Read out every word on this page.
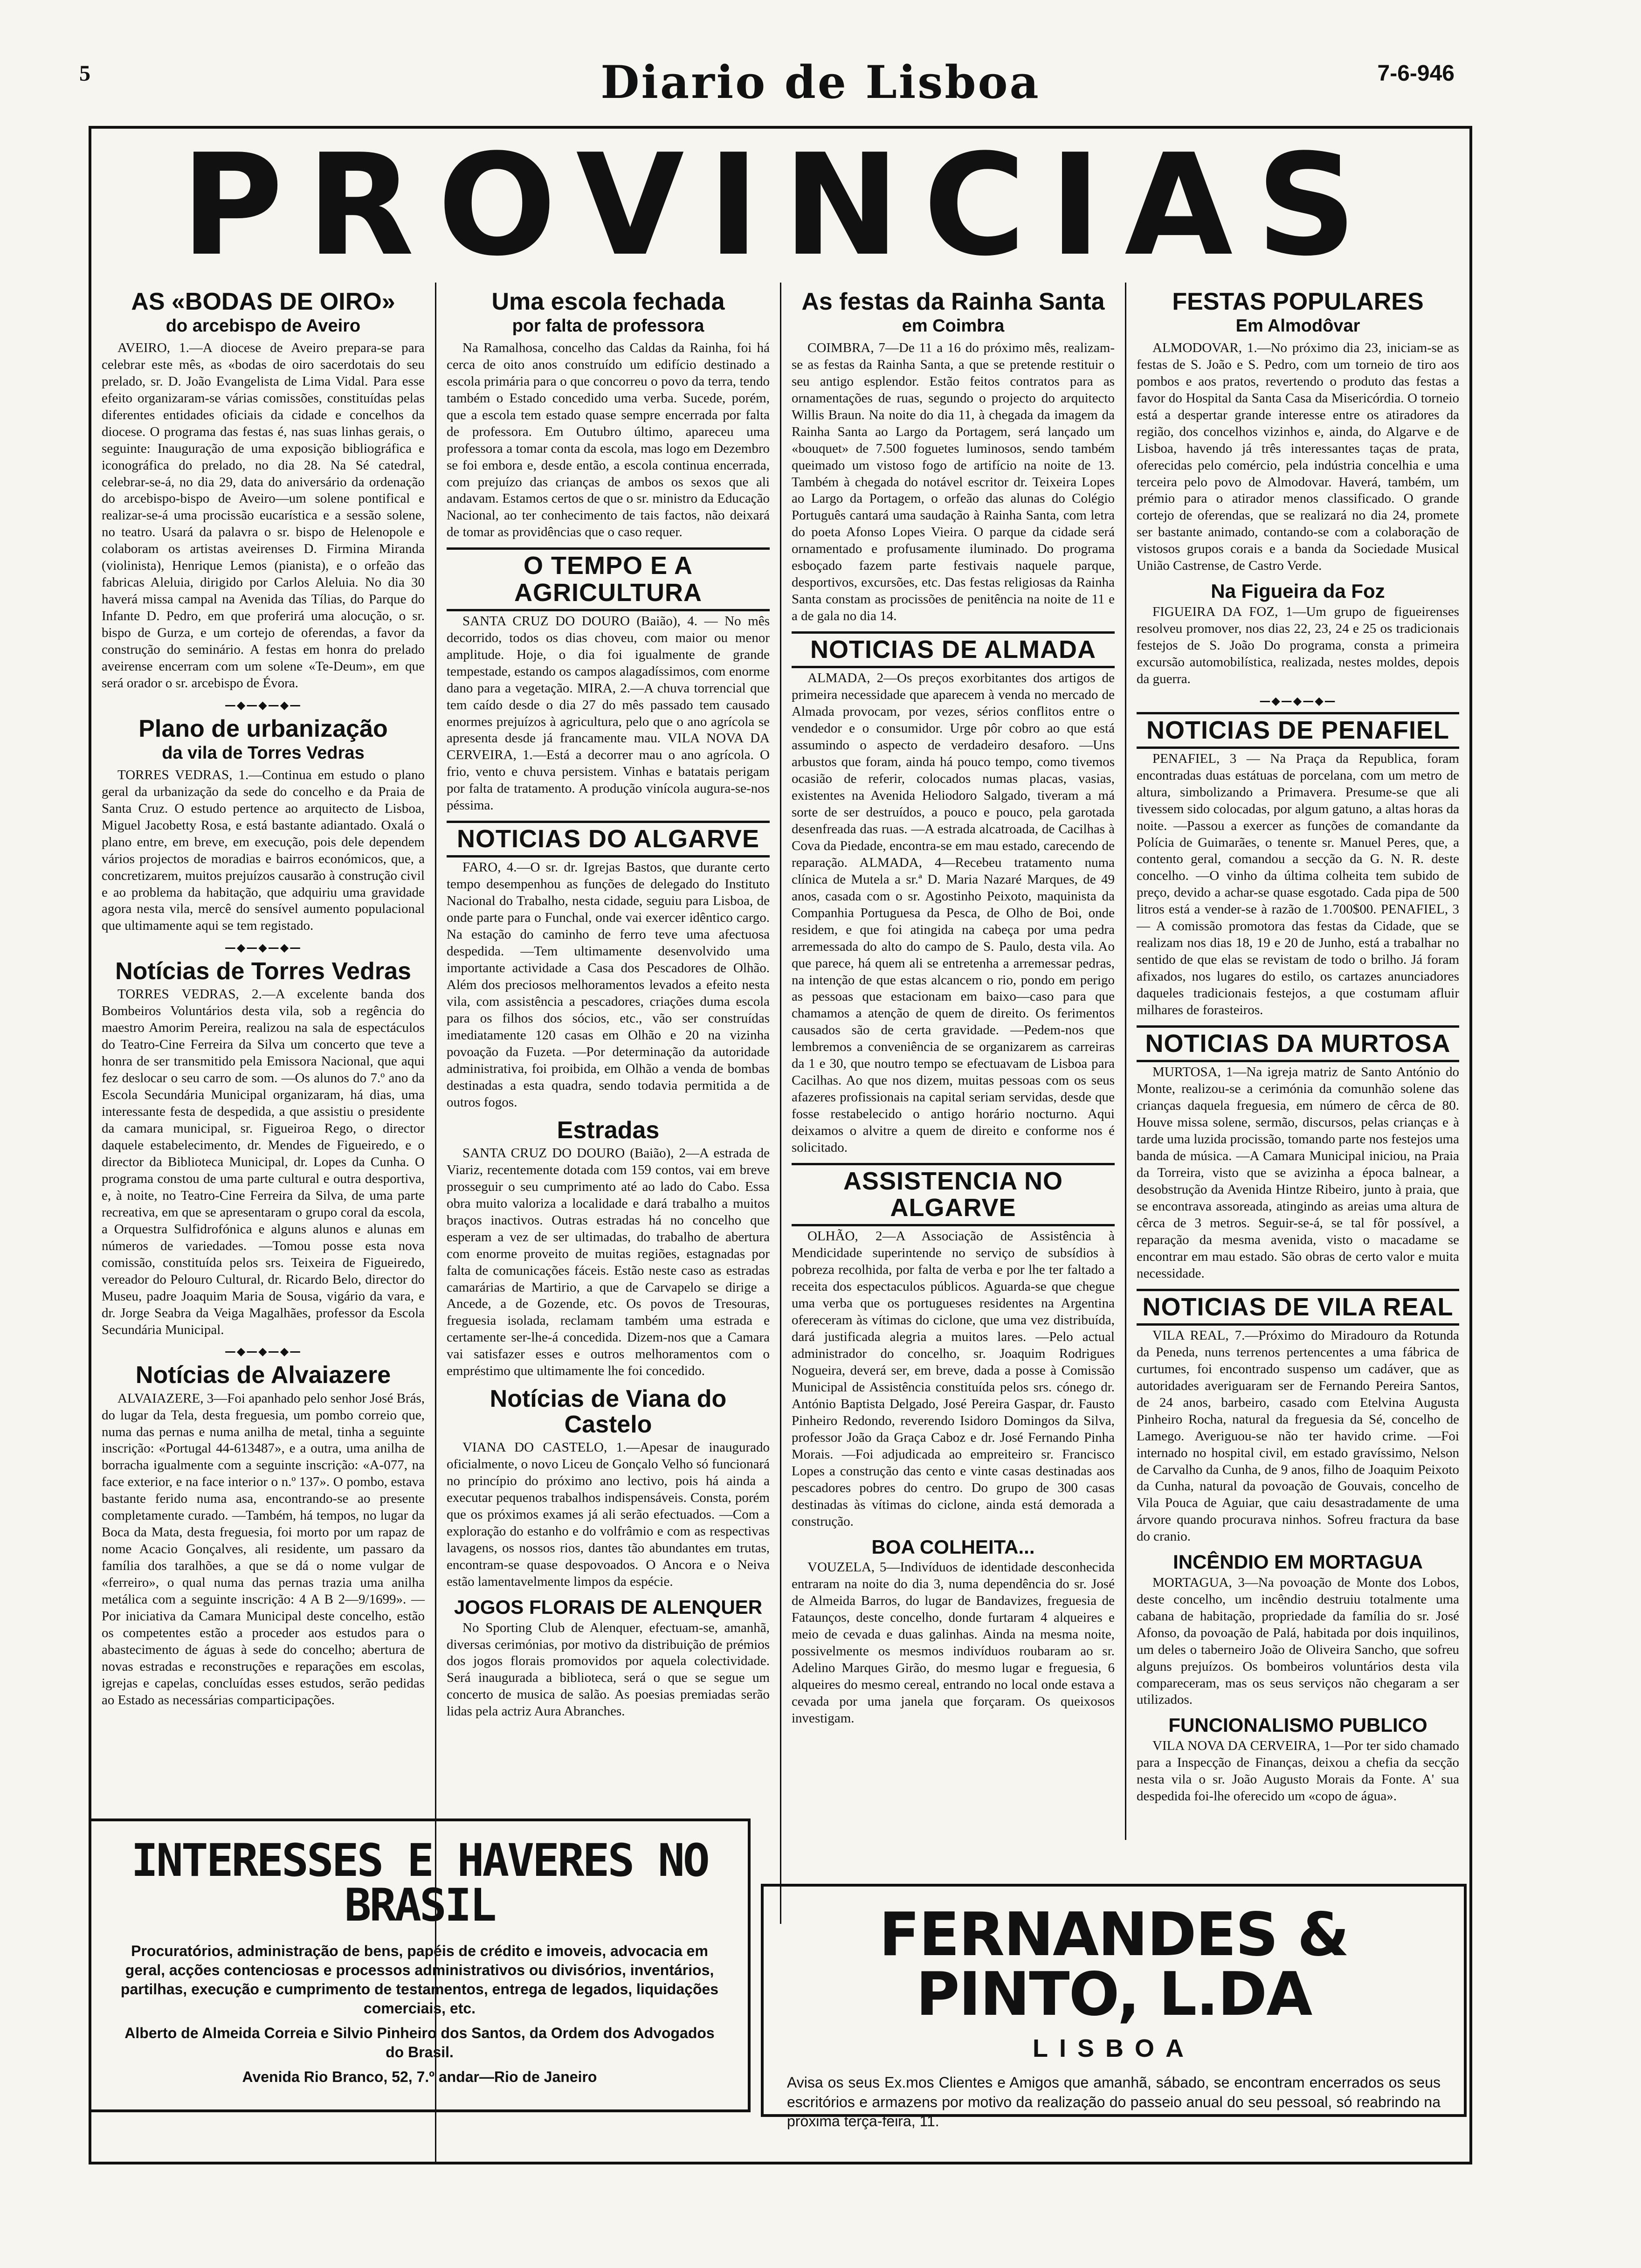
5	Diario de Lisboa	7-6-946
PROVINCIAS
AS «BODAS DE OIRO»
do arcebispo de Aveiro

AVEIRO, 1.—A diocese de Aveiro prepara-se para celebrar este mês, as «bodas de oiro sacerdotais do seu prelado, sr. D. João Evangelista de Lima Vidal. Para esse efeito organizaram-se várias comissões, constituídas pelas diferentes entidades oficiais da cidade e concelhos da diocese. O programa das festas é, nas suas linhas gerais, o seguinte: Inauguração de uma exposição bibliográfica e iconográfica do prelado, no dia 28. Na Sé catedral, celebrar-se-á, no dia 29, data do aniversário da ordenação do arcebispo-bispo de Aveiro—um solene pontifical e realizar-se-á uma procissão eucarística e a sessão solene, no teatro. Usará da palavra o sr. bispo de Helenopole e colaboram os artistas aveirenses D. Firmina Miranda (violinista), Henrique Lemos (pianista), e o orfeão das fabricas Aleluia, dirigido por Carlos Aleluia. No dia 30 haverá missa campal na Avenida das Tílias, do Parque do Infante D. Pedro, em que proferirá uma alocução, o sr. bispo de Gurza, e um cortejo de oferendas, a favor da construção do seminário. A festas em honra do prelado aveirense encerram com um solene «Te-Deum», em que será orador o sr. arcebispo de Évora.

—◆—◆—◆—
Plano de urbanização
da vila de Torres Vedras

TORRES VEDRAS, 1.—Continua em estudo o plano geral da urbanização da sede do concelho e da Praia de Santa Cruz. O estudo pertence ao arquitecto de Lisboa, Miguel Jacobetty Rosa, e está bastante adiantado. Oxalá o plano entre, em breve, em execução, pois dele dependem vários projectos de moradias e bairros económicos, que, a concretizarem, muitos prejuízos causarão à construção civil e ao problema da habitação, que adquiriu uma gravidade agora nesta vila, mercê do sensível aumento populacional que ultimamente aqui se tem registado.

—◆—◆—◆—
Notícias de Torres Vedras

TORRES VEDRAS, 2.—A excelente banda dos Bombeiros Voluntários desta vila, sob a regência do maestro Amorim Pereira, realizou na sala de espectáculos do Teatro-Cine Ferreira da Silva um concerto que teve a honra de ser transmitido pela Emissora Nacional, que aqui fez deslocar o seu carro de som. —Os alunos do 7.º ano da Escola Secundária Municipal organizaram, há dias, uma interessante festa de despedida, a que assistiu o presidente da camara municipal, sr. Figueiroa Rego, o director daquele estabelecimento, dr. Mendes de Figueiredo, e o director da Biblioteca Municipal, dr. Lopes da Cunha. O programa constou de uma parte cultural e outra desportiva, e, à noite, no Teatro-Cine Ferreira da Silva, de uma parte recreativa, em que se apresentaram o grupo coral da escola, a Orquestra Sulfidrofónica e alguns alunos e alunas em números de variedades. —Tomou posse esta nova comissão, constituída pelos srs. Teixeira de Figueiredo, vereador do Pelouro Cultural, dr. Ricardo Belo, director do Museu, padre Joaquim Maria de Sousa, vigário da vara, e dr. Jorge Seabra da Veiga Magalhães, professor da Escola Secundária Municipal.

—◆—◆—◆—
Notícias de Alvaiazere

ALVAIAZERE, 3—Foi apanhado pelo senhor José Brás, do lugar da Tela, desta freguesia, um pombo correio que, numa das pernas e numa anilha de metal, tinha a seguinte inscrição: «Portugal 44-613487», e a outra, uma anilha de borracha igualmente com a seguinte inscrição: «A-077, na face exterior, e na face interior o n.º 137». O pombo, estava bastante ferido numa asa, encontrando-se ao presente completamente curado. —Também, há tempos, no lugar da Boca da Mata, desta freguesia, foi morto por um rapaz de nome Acacio Gonçalves, ali residente, um passaro da família dos taralhões, a que se dá o nome vulgar de «ferreiro», o qual numa das pernas trazia uma anilha metálica com a seguinte inscrição: 4 A B 2—9/1699». —Por iniciativa da Camara Municipal deste concelho, estão os competentes estão a proceder aos estudos para o abastecimento de águas à sede do concelho; abertura de novas estradas e reconstruções e reparações em escolas, igrejas e capelas, concluídas esses estudos, serão pedidas ao Estado as necessárias comparticipações.

Uma escola fechada
por falta de professora

Na Ramalhosa, concelho das Caldas da Rainha, foi há cerca de oito anos construído um edifício destinado a escola primária para o que concorreu o povo da terra, tendo também o Estado concedido uma verba. Sucede, porém, que a escola tem estado quase sempre encerrada por falta de professora. Em Outubro último, apareceu uma professora a tomar conta da escola, mas logo em Dezembro se foi embora e, desde então, a escola continua encerrada, com prejuízo das crianças de ambos os sexos que ali andavam. Estamos certos de que o sr. ministro da Educação Nacional, ao ter conhecimento de tais factos, não deixará de tomar as providências que o caso requer.

O TEMPO E A AGRICULTURA

SANTA CRUZ DO DOURO (Baião), 4. — No mês decorrido, todos os dias choveu, com maior ou menor amplitude. Hoje, o dia foi igualmente de grande tempestade, estando os campos alagadíssimos, com enorme dano para a vegetação. MIRA, 2.—A chuva torrencial que tem caído desde o dia 27 do mês passado tem causado enormes prejuízos à agricultura, pelo que o ano agrícola se apresenta desde já francamente mau. VILA NOVA DA CERVEIRA, 1.—Está a decorrer mau o ano agrícola. O frio, vento e chuva persistem. Vinhas e batatais perigam por falta de tratamento. A produção vinícola augura-se-nos péssima.

NOTICIAS DO ALGARVE

FARO, 4.—O sr. dr. Igrejas Bastos, que durante certo tempo desempenhou as funções de delegado do Instituto Nacional do Trabalho, nesta cidade, seguiu para Lisboa, de onde parte para o Funchal, onde vai exercer idêntico cargo. Na estação do caminho de ferro teve uma afectuosa despedida. —Tem ultimamente desenvolvido uma importante actividade a Casa dos Pescadores de Olhão. Além dos preciosos melhoramentos levados a efeito nesta vila, com assistência a pescadores, criações duma escola para os filhos dos sócios, etc., vão ser construídas imediatamente 120 casas em Olhão e 20 na vizinha povoação da Fuzeta. —Por determinação da autoridade administrativa, foi proibida, em Olhão a venda de bombas destinadas a esta quadra, sendo todavia permitida a de outros fogos.

Estradas

SANTA CRUZ DO DOURO (Baião), 2—A estrada de Viariz, recentemente dotada com 159 contos, vai em breve prosseguir o seu cumprimento até ao lado do Cabo. Essa obra muito valoriza a localidade e dará trabalho a muitos braços inactivos. Outras estradas há no concelho que esperam a vez de ser ultimadas, do trabalho de abertura com enorme proveito de muitas regiões, estagnadas por falta de comunicações fáceis. Estão neste caso as estradas camarárias de Martirio, a que de Carvapelo se dirige a Ancede, a de Gozende, etc. Os povos de Tresouras, freguesia isolada, reclamam também uma estrada e certamente ser-lhe-á concedida. Dizem-nos que a Camara vai satisfazer esses e outros melhoramentos com o empréstimo que ultimamente lhe foi concedido.

Notícias de Viana do Castelo

VIANA DO CASTELO, 1.—Apesar de inaugurado oficialmente, o novo Liceu de Gonçalo Velho só funcionará no princípio do próximo ano lectivo, pois há ainda a executar pequenos trabalhos indispensáveis. Consta, porém que os próximos exames já ali serão efectuados. —Com a exploração do estanho e do volfrâmio e com as respectivas lavagens, os nossos rios, dantes tão abundantes em trutas, encontram-se quase despovoados. O Ancora e o Neiva estão lamentavelmente limpos da espécie.

JOGOS FLORAIS DE ALENQUER

No Sporting Club de Alenquer, efectuam-se, amanhã, diversas cerimónias, por motivo da distribuição de prémios dos jogos florais promovidos por aquela colectividade. Será inaugurada a biblioteca, será o que se segue um concerto de musica de salão. As poesias premiadas serão lidas pela actriz Aura Abranches.

As festas da Rainha Santa
em Coimbra

COIMBRA, 7—De 11 a 16 do próximo mês, realizam-se as festas da Rainha Santa, a que se pretende restituir o seu antigo esplendor. Estão feitos contratos para as ornamentações de ruas, segundo o projecto do arquitecto Willis Braun. Na noite do dia 11, à chegada da imagem da Rainha Santa ao Largo da Portagem, será lançado um «bouquet» de 7.500 foguetes luminosos, sendo também queimado um vistoso fogo de artifício na noite de 13. Também à chegada do notável escritor dr. Teixeira Lopes ao Largo da Portagem, o orfeão das alunas do Colégio Português cantará uma saudação à Rainha Santa, com letra do poeta Afonso Lopes Vieira. O parque da cidade será ornamentado e profusamente iluminado. Do programa esboçado fazem parte festivais naquele parque, desportivos, excursões, etc. Das festas religiosas da Rainha Santa constam as procissões de penitência na noite de 11 e a de gala no dia 14.

NOTICIAS DE ALMADA

ALMADA, 2—Os preços exorbitantes dos artigos de primeira necessidade que aparecem à venda no mercado de Almada provocam, por vezes, sérios conflitos entre o vendedor e o consumidor. Urge pôr cobro ao que está assumindo o aspecto de verdadeiro desaforo. —Uns arbustos que foram, ainda há pouco tempo, como tivemos ocasião de referir, colocados numas placas, vasias, existentes na Avenida Heliodoro Salgado, tiveram a má sorte de ser destruídos, a pouco e pouco, pela garotada desenfreada das ruas. —A estrada alcatroada, de Cacilhas à Cova da Piedade, encontra-se em mau estado, carecendo de reparação. ALMADA, 4—Recebeu tratamento numa clínica de Mutela a sr.ª D. Maria Nazaré Marques, de 49 anos, casada com o sr. Agostinho Peixoto, maquinista da Companhia Portuguesa da Pesca, de Olho de Boi, onde residem, e que foi atingida na cabeça por uma pedra arremessada do alto do campo de S. Paulo, desta vila. Ao que parece, há quem ali se entretenha a arremessar pedras, na intenção de que estas alcancem o rio, pondo em perigo as pessoas que estacionam em baixo—caso para que chamamos a atenção de quem de direito. Os ferimentos causados são de certa gravidade. —Pedem-nos que lembremos a conveniência de se organizarem as carreiras da 1 e 30, que noutro tempo se efectuavam de Lisboa para Cacilhas. Ao que nos dizem, muitas pessoas com os seus afazeres profissionais na capital seriam servidas, desde que fosse restabelecido o antigo horário nocturno. Aqui deixamos o alvitre a quem de direito e conforme nos é solicitado.

ASSISTENCIA NO ALGARVE

OLHÃO, 2—A Associação de Assistência à Mendicidade superintende no serviço de subsídios à pobreza recolhida, por falta de verba e por lhe ter faltado a receita dos espectaculos públicos. Aguarda-se que chegue uma verba que os portugueses residentes na Argentina ofereceram às vítimas do ciclone, que uma vez distribuída, dará justificada alegria a muitos lares. —Pelo actual administrador do concelho, sr. Joaquim Rodrigues Nogueira, deverá ser, em breve, dada a posse à Comissão Municipal de Assistência constituída pelos srs. cónego dr. António Baptista Delgado, José Pereira Gaspar, dr. Fausto Pinheiro Redondo, reverendo Isidoro Domingos da Silva, professor João da Graça Caboz e dr. José Fernando Pinha Morais. —Foi adjudicada ao empreiteiro sr. Francisco Lopes a construção das cento e vinte casas destinadas aos pescadores pobres do centro. Do grupo de 300 casas destinadas às vítimas do ciclone, ainda está demorada a construção.

BOA COLHEITA...

VOUZELA, 5—Indivíduos de identidade desconhecida entraram na noite do dia 3, numa dependência do sr. José de Almeida Barros, do lugar de Bandavizes, freguesia de Fataunços, deste concelho, donde furtaram 4 alqueires e meio de cevada e duas galinhas. Ainda na mesma noite, possivelmente os mesmos indivíduos roubaram ao sr. Adelino Marques Girão, do mesmo lugar e freguesia, 6 alqueires do mesmo cereal, entrando no local onde estava a cevada por uma janela que forçaram. Os queixosos investigam.

FESTAS POPULARES
Em Almodôvar

ALMODOVAR, 1.—No próximo dia 23, iniciam-se as festas de S. João e S. Pedro, com um torneio de tiro aos pombos e aos pratos, revertendo o produto das festas a favor do Hospital da Santa Casa da Misericórdia. O torneio está a despertar grande interesse entre os atiradores da região, dos concelhos vizinhos e, ainda, do Algarve e de Lisboa, havendo já três interessantes taças de prata, oferecidas pelo comércio, pela indústria concelhia e uma terceira pelo povo de Almodovar. Haverá, também, um prémio para o atirador menos classificado. O grande cortejo de oferendas, que se realizará no dia 24, promete ser bastante animado, contando-se com a colaboração de vistosos grupos corais e a banda da Sociedade Musical União Castrense, de Castro Verde.

Na Figueira da Foz

FIGUEIRA DA FOZ, 1—Um grupo de figueirenses resolveu promover, nos dias 22, 23, 24 e 25 os tradicionais festejos de S. João Do programa, consta a primeira excursão automobilística, realizada, nestes moldes, depois da guerra.

—◆—◆—◆—
NOTICIAS DE PENAFIEL

PENAFIEL, 3 — Na Praça da Republica, foram encontradas duas estátuas de porcelana, com um metro de altura, simbolizando a Primavera. Presume-se que ali tivessem sido colocadas, por algum gatuno, a altas horas da noite. —Passou a exercer as funções de comandante da Polícia de Guimarães, o tenente sr. Manuel Peres, que, a contento geral, comandou a secção da G. N. R. deste concelho. —O vinho da última colheita tem subido de preço, devido a achar-se quase esgotado. Cada pipa de 500 litros está a vender-se à razão de 1.700$00. PENAFIEL, 3 — A comissão promotora das festas da Cidade, que se realizam nos dias 18, 19 e 20 de Junho, está a trabalhar no sentido de que elas se revistam de todo o brilho. Já foram afixados, nos lugares do estilo, os cartazes anunciadores daqueles tradicionais festejos, a que costumam afluir milhares de forasteiros.

NOTICIAS DA MURTOSA

MURTOSA, 1—Na igreja matriz de Santo António do Monte, realizou-se a cerimónia da comunhão solene das crianças daquela freguesia, em número de cêrca de 80. Houve missa solene, sermão, discursos, pelas crianças e à tarde uma luzida procissão, tomando parte nos festejos uma banda de música. —A Camara Municipal iniciou, na Praia da Torreira, visto que se avizinha a época balnear, a desobstrução da Avenida Hintze Ribeiro, junto à praia, que se encontrava assoreada, atingindo as areias uma altura de cêrca de 3 metros. Seguir-se-á, se tal fôr possível, a reparação da mesma avenida, visto o macadame se encontrar em mau estado. São obras de certo valor e muita necessidade.

NOTICIAS DE VILA REAL

VILA REAL, 7.—Próximo do Miradouro da Rotunda da Peneda, nuns terrenos pertencentes a uma fábrica de curtumes, foi encontrado suspenso um cadáver, que as autoridades averiguaram ser de Fernando Pereira Santos, de 24 anos, barbeiro, casado com Etelvina Augusta Pinheiro Rocha, natural da freguesia da Sé, concelho de Lamego. Averiguou-se não ter havido crime. —Foi internado no hospital civil, em estado gravíssimo, Nelson de Carvalho da Cunha, de 9 anos, filho de Joaquim Peixoto da Cunha, natural da povoação de Gouvais, concelho de Vila Pouca de Aguiar, que caiu desastradamente de uma árvore quando procurava ninhos. Sofreu fractura da base do cranio.

INCÊNDIO EM MORTAGUA

MORTAGUA, 3—Na povoação de Monte dos Lobos, deste concelho, um incêndio destruiu totalmente uma cabana de habitação, propriedade da família do sr. José Afonso, da povoação de Palá, habitada por dois inquilinos, um deles o taberneiro João de Oliveira Sancho, que sofreu alguns prejuízos. Os bombeiros voluntários desta vila compareceram, mas os seus serviços não chegaram a ser utilizados.

FUNCIONALISMO PUBLICO

VILA NOVA DA CERVEIRA, 1—Por ter sido chamado para a Inspecção de Finanças, deixou a chefia da secção nesta vila o sr. João Augusto Morais da Fonte. A' sua despedida foi-lhe oferecido um «copo de água».

INTERESSES E HAVERES NO BRASIL

Procuratórios, administração de bens, papéis de crédito e imoveis, advocacia em geral, acções contenciosas e processos administrativos ou divisórios, inventários, partilhas, execução e cumprimento de testamentos, entrega de legados, liquidações comerciais, etc.

Alberto de Almeida Correia e Silvio Pinheiro dos Santos, da Ordem dos Advogados do Brasil.

Avenida Rio Branco, 52, 7.º andar—Rio de Janeiro

FERNANDES & PINTO, L.DA
LISBOA

Avisa os seus Ex.mos Clientes e Amigos que amanhã, sábado, se encontram encerrados os seus escritórios e armazens por motivo da realização do passeio anual do seu pessoal, só reabrindo na próxima terça-feira, 11.
